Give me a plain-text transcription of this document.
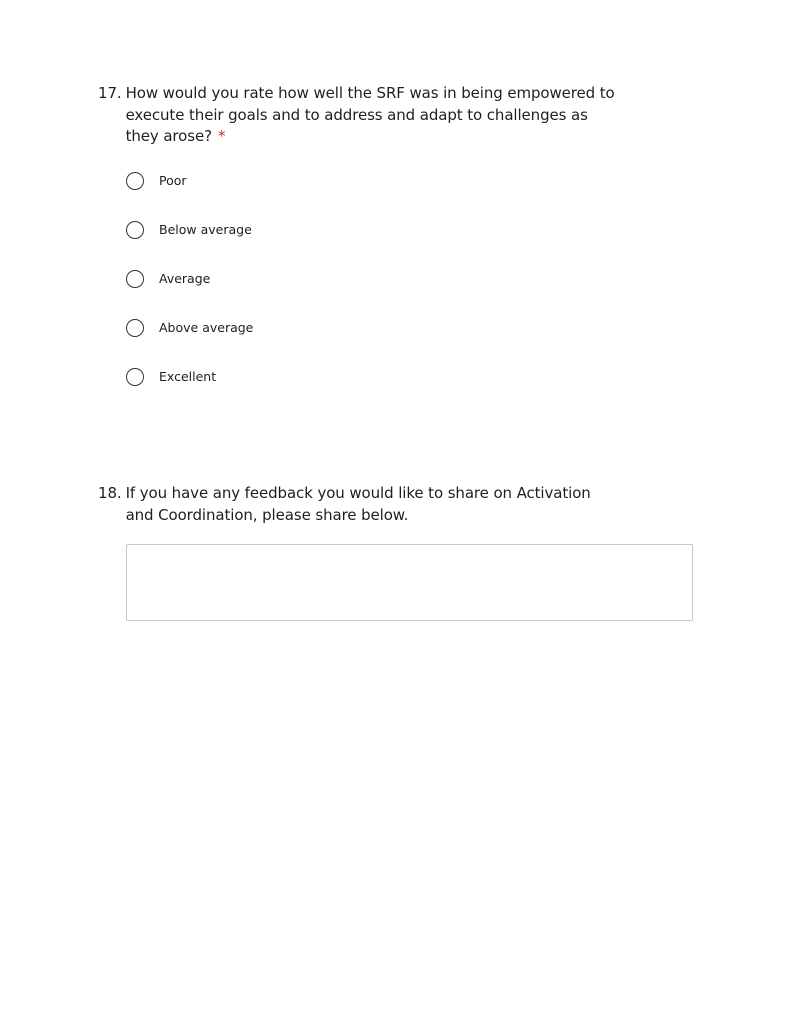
17. How would you rate how well the SRF was in being empowered to execute their goals and to address and adapt to challenges as they arose? *
Poor
Below average
Average
Above average
Excellent
18. If you have any feedback you would like to share on Activation and Coordination, please share below.
